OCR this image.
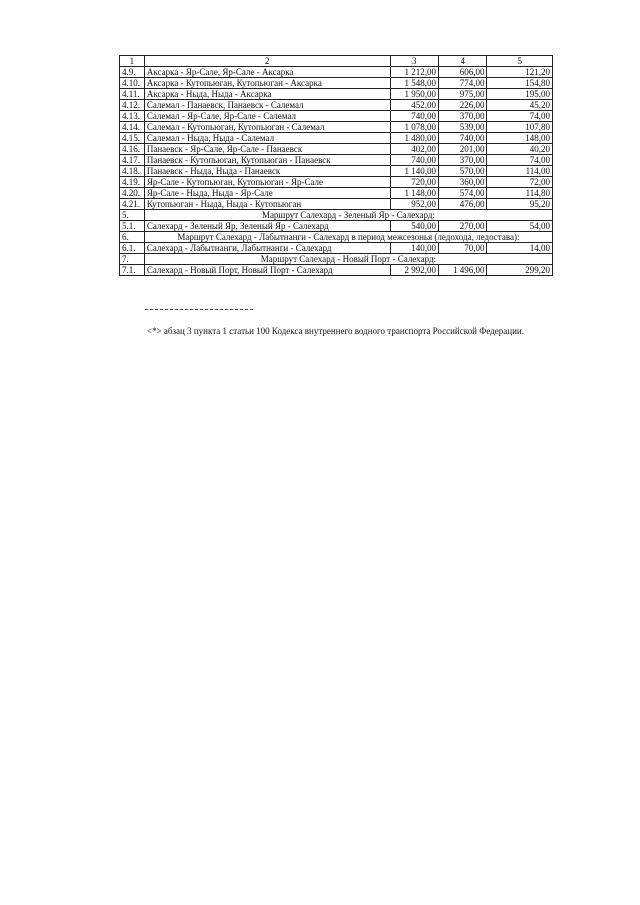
1	2	3	4	5
4.9.	Аксарка - Яр-Сале, Яр-Сале - Аксарка	1 212,00	606,00	121,20
4.10.	Аксарка - Кутопьюган, Кутопьюган - Аксарка	1 548,00	774,00	154,80
4.11.	Аксарка - Ныда, Ныда - Аксарка	1 950,00	975,00	195,00
4.12.	Салемал - Панаевск, Панаевск - Салемал	452,00	226,00	45,20
4.13.	Салемал - Яр-Сале, Яр-Сале - Салемал	740,00	370,00	74,00
4.14.	Салемал - Кутопьюган, Кутопьюган - Салемал	1 078,00	539,00	107,80
4.15.	Салемал - Ныда, Ныда - Салемал	1 480,00	740,00	148,00
4.16.	Панаевск - Яр-Сале, Яр-Сале - Панаевск	402,00	201,00	40,20
4.17.	Панаевск - Кутопьюган, Кутопьюган - Панаевск	740,00	370,00	74,00
4.18.	Панаевск - Ныда, Ныда - Панаевск	1 140,00	570,00	114,00
4.19.	Яр-Сале - Кутопьюган, Кутопьюган - Яр-Сале	720,00	360,00	72,00
4.20.	Яр-Сале - Ныда, Ныда - Яр-Сале	1 148,00	574,00	114,80
4.21.	Кутопьюган - Ныда, Ныда - Кутопьюган	952,00	476,00	95,20
5.	Маршрут Салехард - Зеленый Яр - Салехард:			
5.1.	Салехард - Зеленый Яр, Зеленый Яр - Салехард	540,00	270,00	54,00
6.	Маршрут Салехард - Лабытнанги - Салехард в период межсезонья (ледохода, ледостава):			
6.1.	Салехард - Лабытнанги, Лабытнанги - Салехард	140,00	70,00	14,00
7.	Маршрут Салехард - Новый Порт - Салехард:			
7.1.	Салехард - Новый Порт, Новый Порт - Салехард	2 992,00	1 496,00	299,20

<*> абзац 3 пункта 1 статьи 100 Кодекса внутреннего водного транспорта Российской Федерации.
